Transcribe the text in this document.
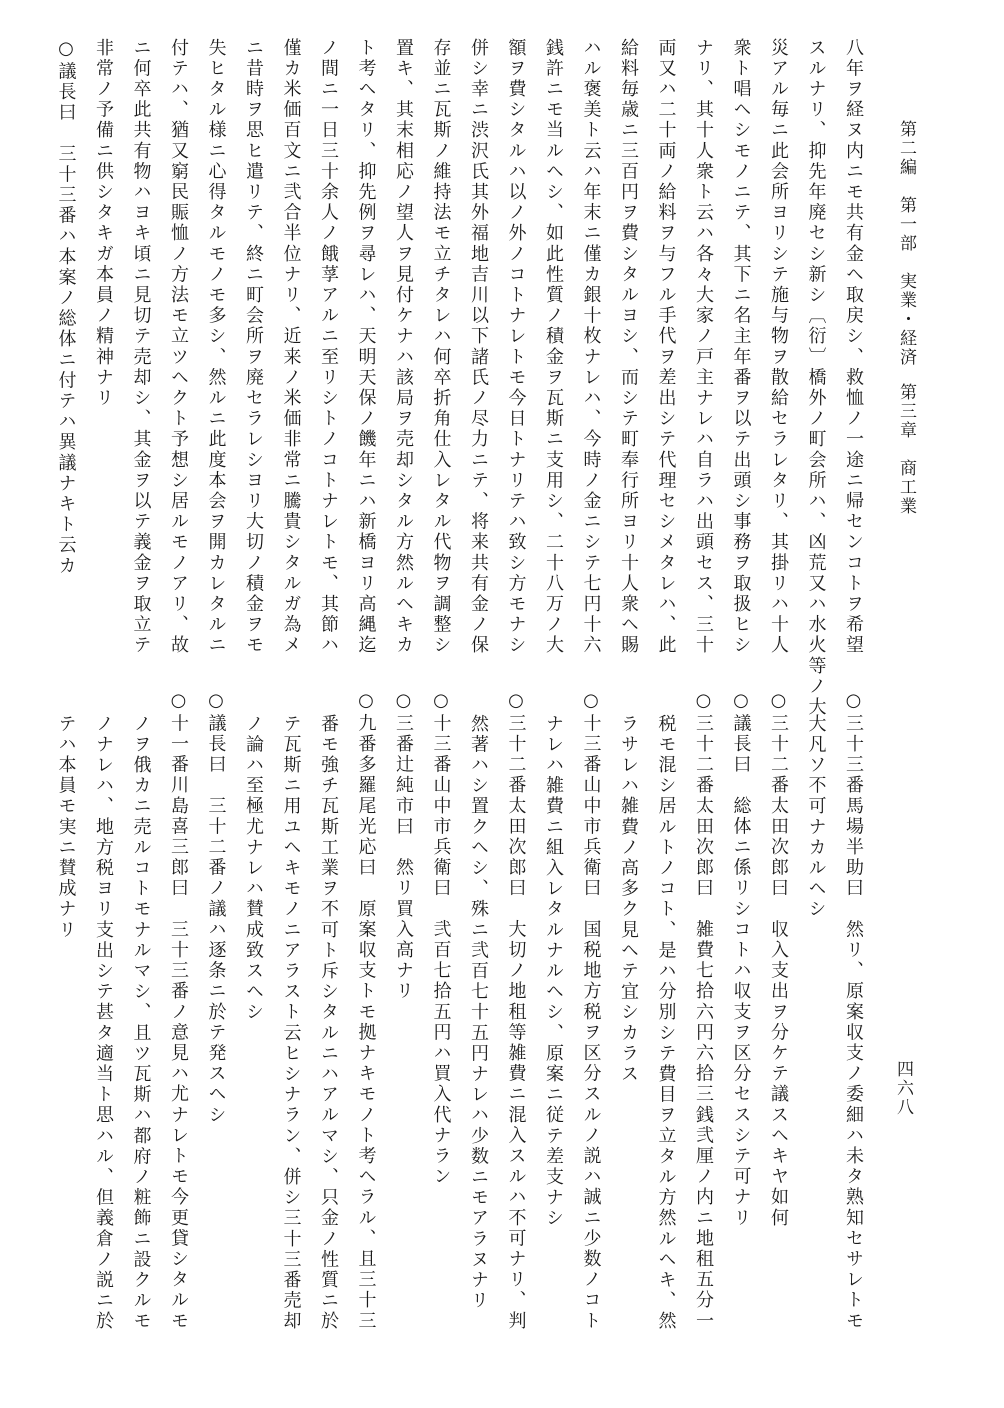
第二編　第一部　実業・経済第三章　商工業
四六八
八年ヲ経ヌ内ニモ共有金ヘ取戻シ、救恤ノ一途ニ帰センコトヲ希望
スルナリ、抑先年廃セシ新シ〔衍〕橋外ノ町会所ハ、凶荒又ハ水火等ノ大
災アル毎ニ此会所ヨリシテ施与物ヲ散給セラレタリ、其掛リハ十人
衆ト唱ヘシモノニテ、其下ニ名主年番ヲ以テ出頭シ事務ヲ取扱ヒシ
ナリ、其十人衆ト云ハ各々大家ノ戸主ナレハ自ラハ出頭セス、三十
両又ハ二十両ノ給料ヲ与フル手代ヲ差出シテ代理セシメタレハ、此
給料毎歳ニ三百円ヲ費シタルヨシ、而シテ町奉行所ヨリ十人衆ヘ賜
ハル褒美ト云ハ年末ニ僅カ銀十枚ナレハ、今時ノ金ニシテ七円十六
銭許ニモ当ルヘシ、如此性質ノ積金ヲ瓦斯ニ支用シ、二十八万ノ大
額ヲ費シタルハ以ノ外ノコトナレトモ今日トナリテハ致シ方モナシ
併シ幸ニ渋沢氏其外福地吉川以下諸氏ノ尽力ニテ、将来共有金ノ保
存並ニ瓦斯ノ維持法モ立チタレハ何卒折角仕入レタル代物ヲ調整シ
置キ、其末相応ノ望人ヲ見付ケナハ該局ヲ売却シタル方然ルヘキカ
ト考ヘタリ、抑先例ヲ尋レハ、天明天保ノ饑年ニハ新橋ヨリ高縄迄
ノ間ニ一日三十余人ノ餓莩アルニ至リシトノコトナレトモ、其節ハ
僅カ米価百文ニ弐合半位ナリ、近来ノ米価非常ニ騰貴シタルガ為メ
ニ昔時ヲ思ヒ遣リテ、終ニ町会所ヲ廃セラレシヨリ大切ノ積金ヲモ
失ヒタル様ニ心得タルモノモ多シ、然ルニ此度本会ヲ開カレタルニ
付テハ、猶又窮民賑恤ノ方法モ立ツヘクト予想シ居ルモノアリ、故
ニ何卒此共有物ハヨキ頃ニ見切テ売却シ、其金ヲ以テ義金ヲ取立テ
非常ノ予備ニ供シタキガ本員ノ精神ナリ
○議長曰　三十三番ハ本案ノ総体ニ付テハ異議ナキト云カ
○三十三番馬場半助曰　然リ、原案収支ノ委細ハ未タ熟知セサレトモ
大凡ソ不可ナカルヘシ
○三十二番太田次郎曰　収入支出ヲ分ケテ議スヘキヤ如何
○議長曰　総体ニ係リシコトハ収支ヲ区分セスシテ可ナリ
○三十二番太田次郎曰　雑費七拾六円六拾三銭弐厘ノ内ニ地租五分一
税モ混シ居ルトノコト、是ハ分別シテ費目ヲ立タル方然ルヘキ、然
ラサレハ雑費ノ高多ク見ヘテ宜シカラス
○十三番山中市兵衛曰　国税地方税ヲ区分スルノ説ハ誠ニ少数ノコト
ナレハ雑費ニ組入レタルナルヘシ、原案ニ従テ差支ナシ
○三十二番太田次郎曰　大切ノ地租等雑費ニ混入スルハ不可ナリ、判
然著ハシ置クヘシ、殊ニ弐百七十五円ナレハ少数ニモアラヌナリ
○十三番山中市兵衛曰　弐百七拾五円ハ買入代ナラン
○三番辻純市曰　然リ買入高ナリ
○九番多羅尾光応曰　原案収支トモ拠ナキモノト考ヘラル、且三十三
番モ強チ瓦斯工業ヲ不可ト斥シタルニハアルマシ、只金ノ性質ニ於
テ瓦斯ニ用ユヘキモノニアラスト云ヒシナラン、併シ三十三番売却
ノ論ハ至極尤ナレハ賛成致スヘシ
○議長曰　三十二番ノ議ハ逐条ニ於テ発スヘシ
○十一番川島喜三郎曰　三十三番ノ意見ハ尤ナレトモ今更貸シタルモ
ノヲ俄カニ売ルコトモナルマシ、且ツ瓦斯ハ都府ノ粧飾ニ設クルモ
ノナレハ、地方税ヨリ支出シテ甚タ適当ト思ハル、但義倉ノ説ニ於
テハ本員モ実ニ賛成ナリ
